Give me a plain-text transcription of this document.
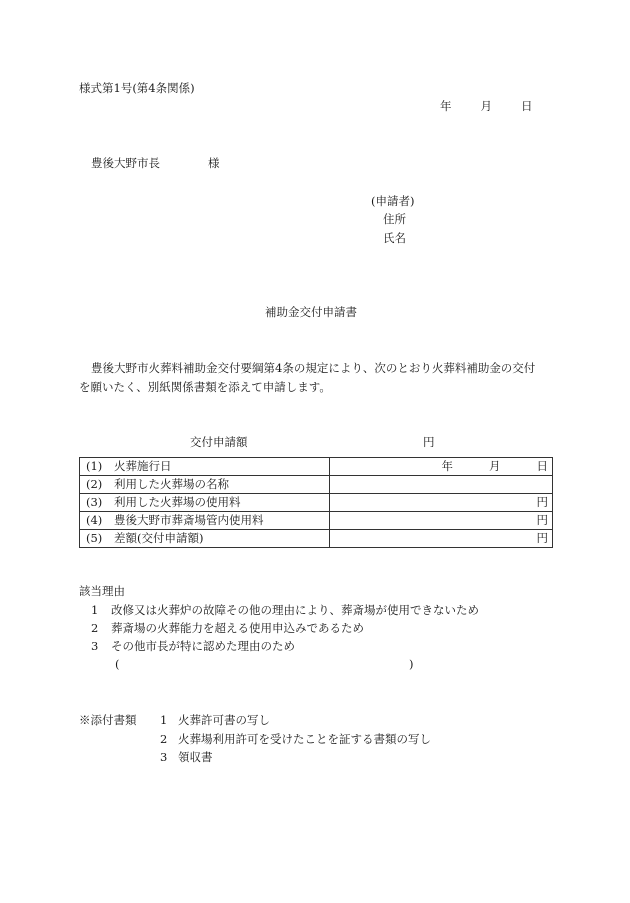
様式第1号(第4条関係)
年	月	日
豊後大野市長	様
(申請者)
住所
氏名
補助金交付申請書
豊後大野市火葬料補助金交付要綱第4条の規定により、次のとおり火葬料補助金の交付
を願いたく、別紙関係書類を添えて申請します。
交付申請額	円
(1) 火葬施行日	年 月 日
(2) 利用した火葬場の名称	
(3) 利用した火葬場の使用料	円
(4) 豊後大野市葬斎場管内使用料	円
(5) 差額(交付申請額)	円
該当理由
1 改修又は火葬炉の故障その他の理由により、葬斎場が使用できないため
2 葬斎場の火葬能力を超える使用申込みであるため
3 その他市長が特に認めた理由のため
(	)
※添付書類 1 火葬許可書の写し
2 火葬場利用許可を受けたことを証する書類の写し
3 領収書
